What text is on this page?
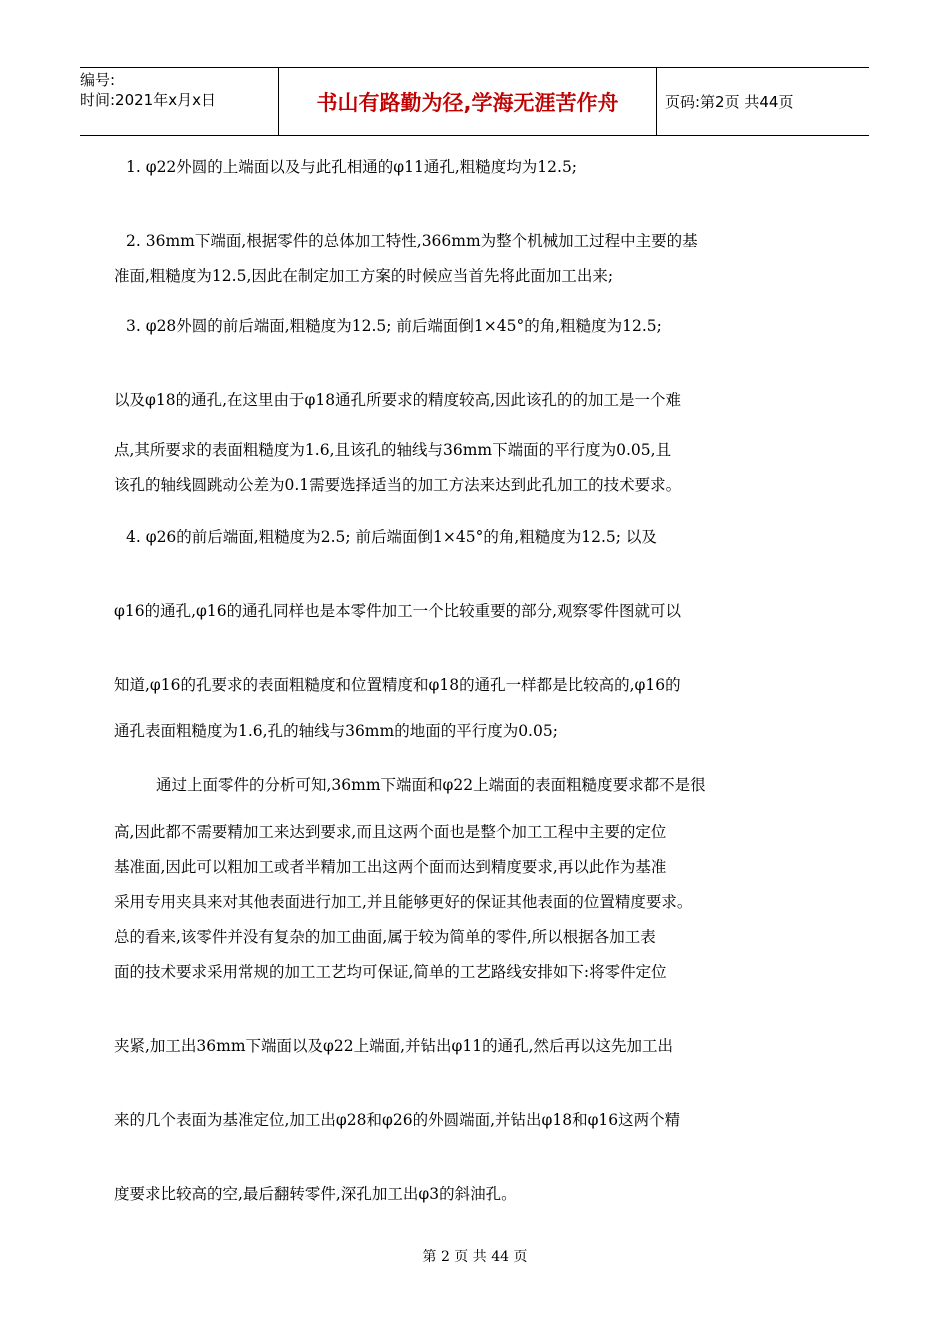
编号:
时间:2021年x月x日	书山有路勤为径,学海无涯苦作舟	页码:第2页 共44页
1. φ22外圆的上端面以及与此孔相通的φ11通孔,粗糙度均为12.5;
2. 36mm下端面,根据零件的总体加工特性,366mm为整个机械加工过程中主要的基
准面,粗糙度为12.5,因此在制定加工方案的时候应当首先将此面加工出来;
3. φ28外圆的前后端面,粗糙度为12.5; 前后端面倒1×45°的角,粗糙度为12.5;
以及φ18的通孔,在这里由于φ18通孔所要求的精度较高,因此该孔的的加工是一个难
点,其所要求的表面粗糙度为1.6,且该孔的轴线与36mm下端面的平行度为0.05,且
该孔的轴线圆跳动公差为0.1需要选择适当的加工方法来达到此孔加工的技术要求。
4. φ26的前后端面,粗糙度为2.5; 前后端面倒1×45°的角,粗糙度为12.5; 以及
φ16的通孔,φ16的通孔同样也是本零件加工一个比较重要的部分,观察零件图就可以
知道,φ16的孔要求的表面粗糙度和位置精度和φ18的通孔一样都是比较高的,φ16的
通孔表面粗糙度为1.6,孔的轴线与36mm的地面的平行度为0.05;
通过上面零件的分析可知,36mm下端面和φ22上端面的表面粗糙度要求都不是很
高,因此都不需要精加工来达到要求,而且这两个面也是整个加工工程中主要的定位
基准面,因此可以粗加工或者半精加工出这两个面而达到精度要求,再以此作为基准
采用专用夹具来对其他表面进行加工,并且能够更好的保证其他表面的位置精度要求。
总的看来,该零件并没有复杂的加工曲面,属于较为简单的零件,所以根据各加工表
面的技术要求采用常规的加工工艺均可保证,简单的工艺路线安排如下:将零件定位
夹紧,加工出36mm下端面以及φ22上端面,并钻出φ11的通孔,然后再以这先加工出
来的几个表面为基准定位,加工出φ28和φ26的外圆端面,并钻出φ18和φ16这两个精
度要求比较高的空,最后翻转零件,深孔加工出φ3的斜油孔。
第 2 页 共 44 页
